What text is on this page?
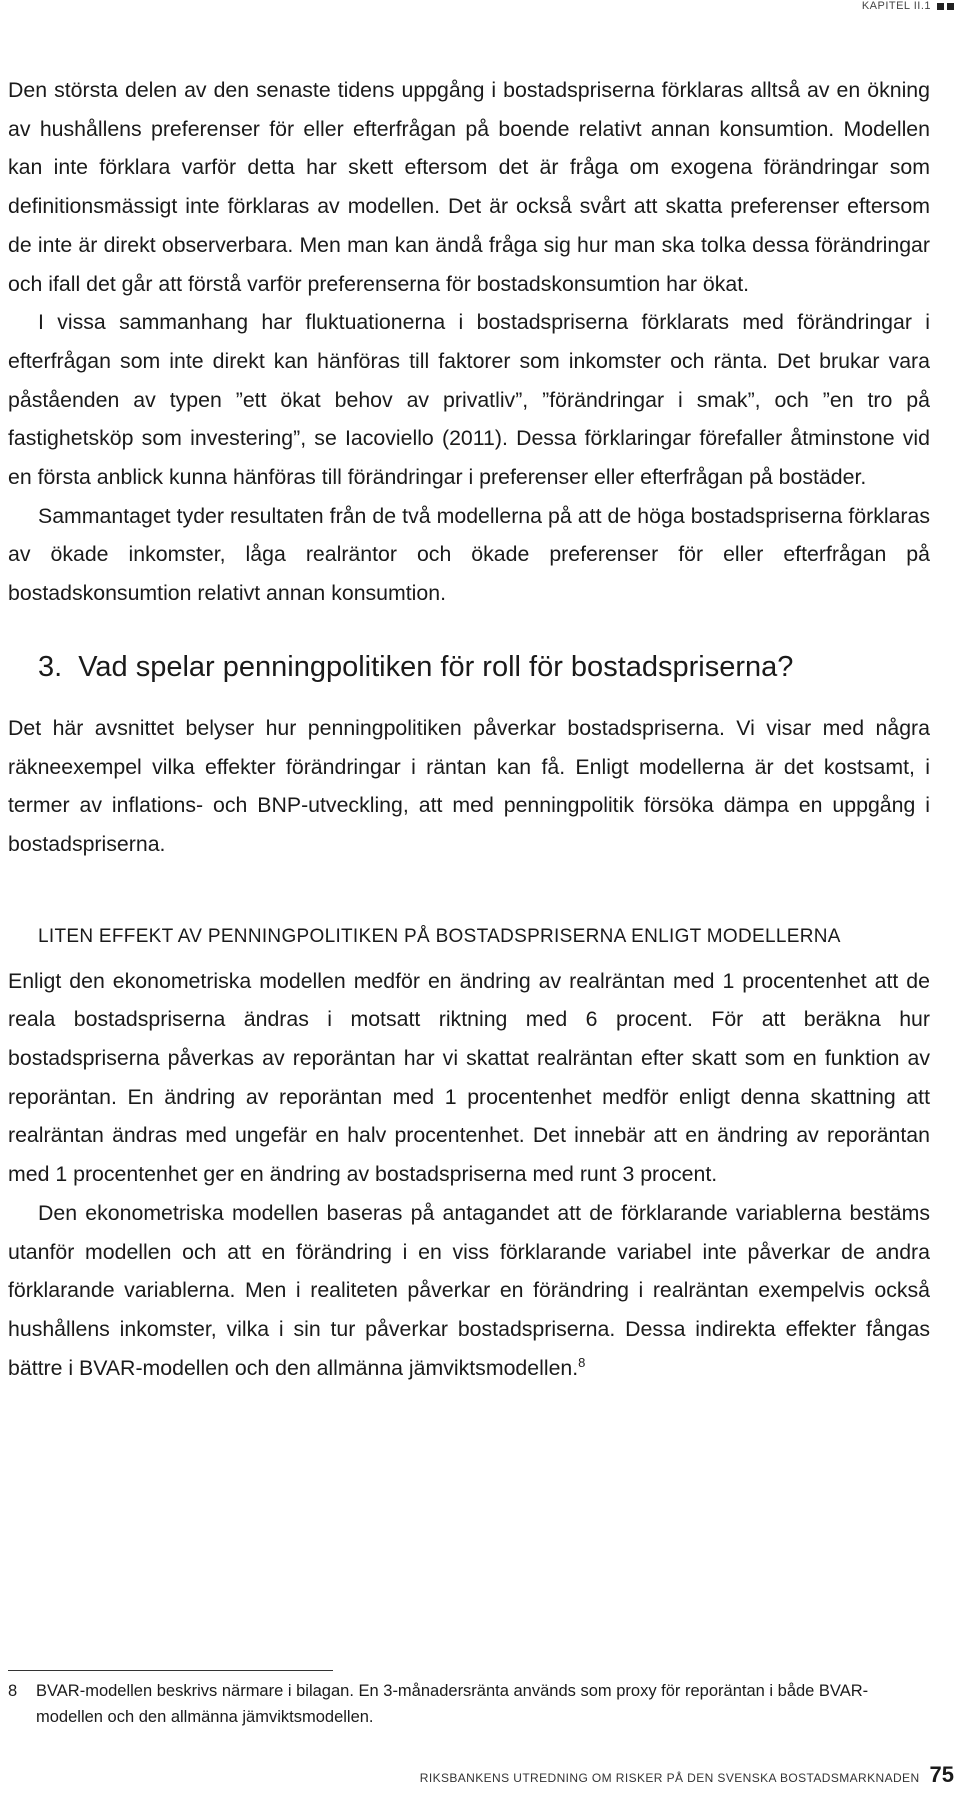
KAPITEL II.1

Den största delen av den senaste tidens uppgång i bostadspriserna förklaras alltså av en ökning av hushållens preferenser för eller efterfrågan på boende relativt annan konsumtion. Modellen kan inte förklara varför detta har skett eftersom det är fråga om exogena förändringar som definitionsmässigt inte förklaras av modellen. Det är också svårt att skatta preferenser eftersom de inte är direkt observerbara. Men man kan ändå fråga sig hur man ska tolka dessa förändringar och ifall det går att förstå varför preferenserna för bostadskonsumtion har ökat.

I vissa sammanhang har fluktuationerna i bostadspriserna förklarats med förändringar i efterfrågan som inte direkt kan hänföras till faktorer som inkomster och ränta. Det brukar vara påståenden av typen ”ett ökat behov av privatliv”, ”förändringar i smak”, och ”en tro på fastighetsköp som investering”, se Iacoviello (2011). Dessa förklaringar förefaller åtminstone vid en första anblick kunna hänföras till förändringar i preferenser eller efterfrågan på bostäder.

Sammantaget tyder resultaten från de två modellerna på att de höga bostadspriserna förklaras av ökade inkomster, låga realräntor och ökade preferenser för eller efterfrågan på bostadskonsumtion relativt annan konsumtion.

3. Vad spelar penningpolitiken för roll för bostadspriserna?

Det här avsnittet belyser hur penningpolitiken påverkar bostadspriserna. Vi visar med några räkneexempel vilka effekter förändringar i räntan kan få. Enligt modellerna är det kostsamt, i termer av inflations- och BNP-utveckling, att med penningpolitik försöka dämpa en uppgång i bostadspriserna.

LITEN EFFEKT AV PENNINGPOLITIKEN PÅ BOSTADSPRISERNA ENLIGT MODELLERNA

Enligt den ekonometriska modellen medför en ändring av realräntan med 1 procentenhet att de reala bostadspriserna ändras i motsatt riktning med 6 procent. För att beräkna hur bostadspriserna påverkas av reporäntan har vi skattat realräntan efter skatt som en funktion av reporäntan. En ändring av reporäntan med 1 procentenhet medför enligt denna skattning att realräntan ändras med ungefär en halv procentenhet. Det innebär att en ändring av reporäntan med 1 procentenhet ger en ändring av bostadspriserna med runt 3 procent.

Den ekonometriska modellen baseras på antagandet att de förklarande variablerna bestäms utanför modellen och att en förändring i en viss förklarande variabel inte påverkar de andra förklarande variablerna. Men i realiteten påverkar en förändring i realräntan exempelvis också hushållens inkomster, vilka i sin tur påverkar bostadspriserna. Dessa indirekta effekter fångas bättre i BVAR-modellen och den allmänna jämviktsmodellen.$^8$

8	BVAR-modellen beskrivs närmare i bilagan. En 3-månadersränta används som proxy för reporäntan i både BVAR-modellen och den allmänna jämviktsmodellen.
RIKSBANKENS UTREDNING OM RISKER PÅ DEN SVENSKA BOSTADSMARKNADEN 75
